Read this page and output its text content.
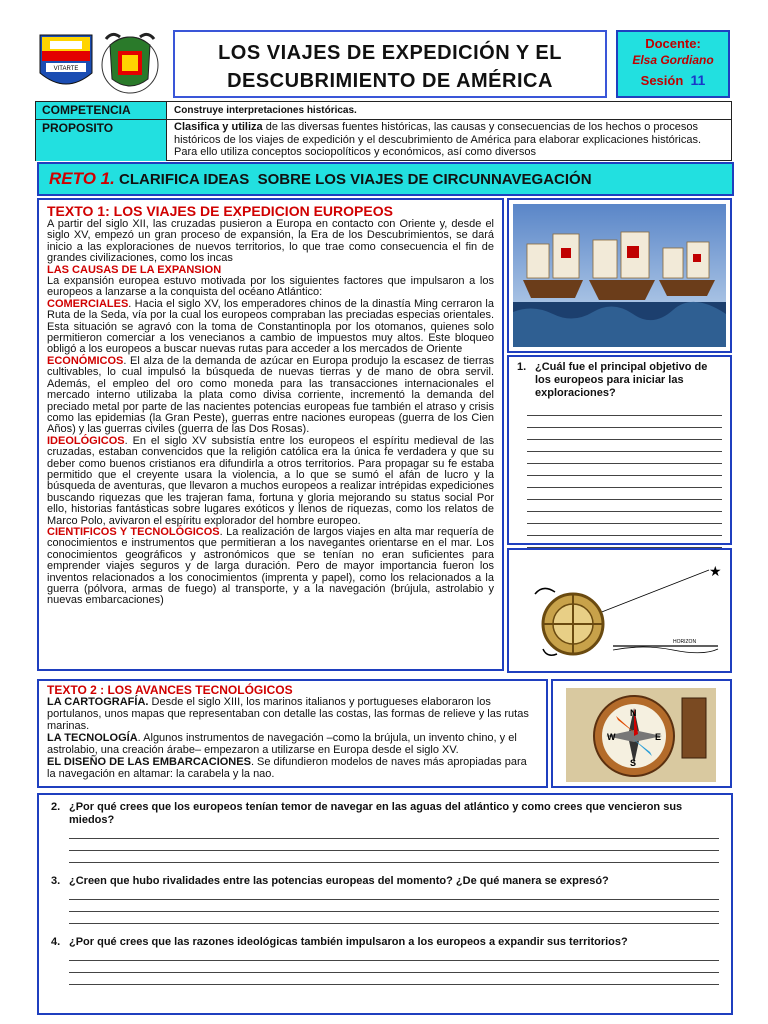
VITARTE
LOS VIAJES DE EXPEDICIÓN Y EL
DESCUBRIMIENTO DE AMÉRICA
Docente:
Elsa Gordiano
Sesión 11
COMPETENCIA	Construye interpretaciones históricas.
PROPOSITO	Clasifica y utiliza de las diversas fuentes históricas, las causas y consecuencias de los hechos o procesos históricos de los viajes de expedición y el descubrimiento de América para elaborar explicaciones históricas. Para ello utiliza conceptos sociopolíticos y económicos, así como diversos
RETO 1. CLARIFICA IDEAS  SOBRE LOS VIAJES DE CIRCUNNAVEGACIÓN
TEXTO 1: LOS VIAJES DE EXPEDICION EUROPEOS
A partir del siglo XII, las cruzadas pusieron a Europa en contacto con Oriente y, desde el siglo XV, empezó un gran proceso de expansión, la Era de los Descubrimientos, se dará inicio a las exploraciones de nuevos territorios, lo que trae como consecuencia el fin de grandes civilizaciones, como los incas
LAS CAUSAS DE LA EXPANSION
La expansión europea estuvo motivada por los siguientes factores que impulsaron a los europeos a lanzarse a la conquista del océano Atlántico:
COMERCIALES. Hacia el siglo XV, los emperadores chinos de la dinastía Ming cerraron la Ruta de la Seda, vía por la cual los europeos compraban las preciadas especias orientales. Esta situación se agravó con la toma de Constantinopla por los otomanos, quienes solo permitieron comerciar a los venecianos a cambio de impuestos muy altos. Este bloqueo obligó a los europeos a buscar nuevas rutas para acceder a los mercados de Oriente
ECONÓMICOS. El alza de la demanda de azúcar en Europa produjo la escasez de tierras cultivables, lo cual impulsó la búsqueda de nuevas tierras y de mano de obra servil. Además, el empleo del oro como moneda para las transacciones internacionales el mercado interno utilizaba la plata como divisa corriente, incrementó la demanda del preciado metal por parte de las nacientes potencias europeas fue también el atraso y crisis como las epidemias (la Gran Peste), guerras entre naciones europeas (guerra de los Cien Años) y las guerras civiles (guerra de las Dos Rosas).
IDEOLÓGICOS. En el siglo XV subsistía entre los europeos el espíritu medieval de las cruzadas, estaban convencidos que la religión católica era la única fe verdadera y que su deber como buenos cristianos era difundirla a otros territorios. Para propagar su fe estaba permitido que el creyente usara la violencia, a lo que se sumó el afán de lucro y la búsqueda de aventuras, que llevaron a muchos europeos a realizar intrépidas expediciones buscando riquezas que les trajeran fama, fortuna y gloria mejorando su status social Por ello, historias fantásticas sobre lugares exóticos y llenos de riquezas, como los relatos de Marco Polo, avivaron el espíritu explorador del hombre europeo.
CIENTIFICOS Y TECNOLÓGICOS. La realización de largos viajes en alta mar requería de conocimientos e instrumentos que permitieran a los navegantes orientarse en el mar. Los conocimientos geográficos y astronómicos que se tenían no eran suficientes para emprender viajes seguros y de larga duración. Pero de mayor importancia fueron los inventos relacionados a los conocimientos (imprenta y papel), como los relacionados a la guerra (pólvora, armas de fuego) al transporte, y a la navegación (brújula, astrolabio y nuevas embarcaciones)
1. ¿Cuál fue el principal objetivo de los europeos para iniciar las exploraciones?
HORIZON
★
TEXTO 2 : LOS AVANCES TECNOLÓGICOS
LA CARTOGRAFÍA. Desde el siglo XIII, los marinos italianos y portugueses elaboraron los portulanos, unos mapas que representaban con detalle las costas, las formas de relieve y las rutas marinas.
LA TECNOLOGÍA. Algunos instrumentos de navegación –como la brújula, un invento chino, y el astrolabio, una creación árabe– empezaron a utilizarse en Europa desde el siglo XV.
EL DISEÑO DE LAS EMBARCACIONES. Se difundieron modelos de naves más apropiadas para la navegación en altamar: la carabela y la nao.
N
S
W	E
2. ¿Por qué crees que los europeos tenían temor de navegar en las aguas del atlántico y como crees que vencieron sus miedos?
3. ¿Creen que hubo rivalidades entre las potencias europeas del momento? ¿De qué manera se expresó?
4. ¿Por qué crees que las razones ideológicas también impulsaron a los europeos a expandir sus territorios?
